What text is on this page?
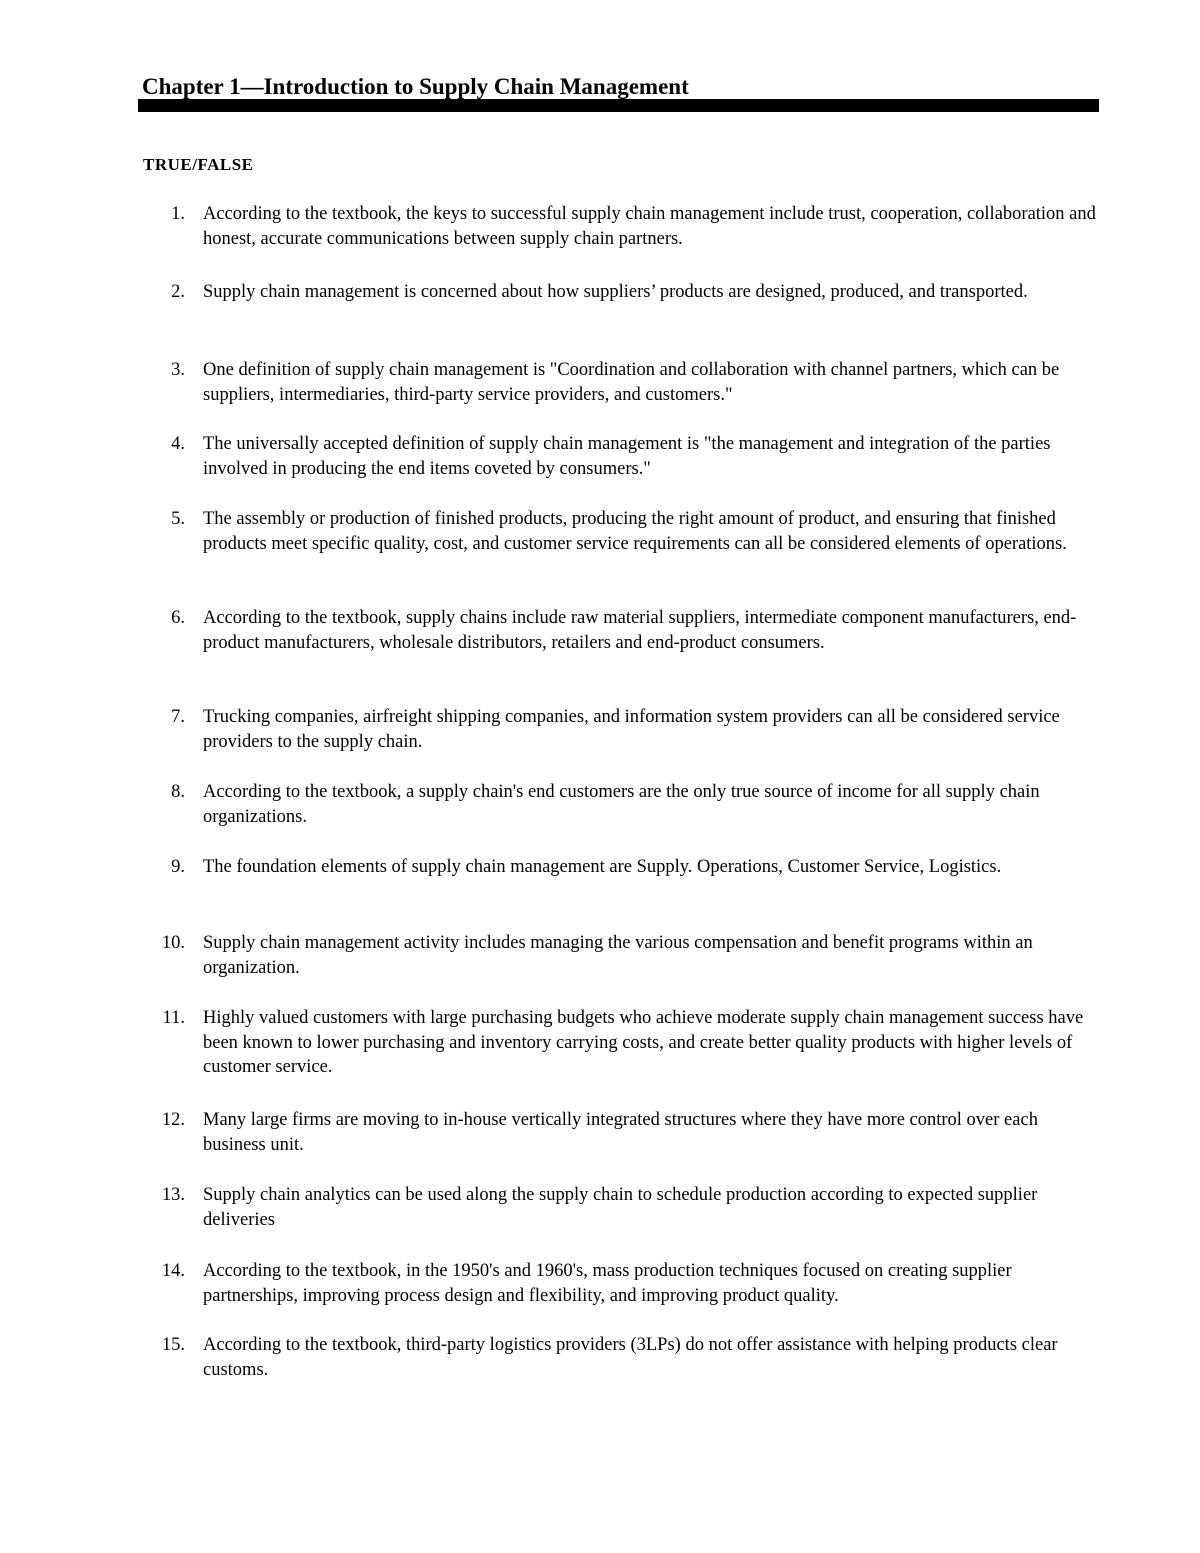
Chapter 1—Introduction to Supply Chain Management
TRUE/FALSE
1. According to the textbook, the keys to successful supply chain management include trust, cooperation, collaboration and honest, accurate communications between supply chain partners.
2. Supply chain management is concerned about how suppliers’ products are designed, produced, and transported.
3. One definition of supply chain management is "Coordination and collaboration with channel partners, which can be suppliers, intermediaries, third-party service providers, and customers."
4. The universally accepted definition of supply chain management is "the management and integration of the parties involved in producing the end items coveted by consumers."
5. The assembly or production of finished products, producing the right amount of product, and ensuring that finished products meet specific quality, cost, and customer service requirements can all be considered elements of operations.
6. According to the textbook, supply chains include raw material suppliers, intermediate component manufacturers, end-product manufacturers, wholesale distributors, retailers and end-product consumers.
7. Trucking companies, airfreight shipping companies, and information system providers can all be considered service providers to the supply chain.
8. According to the textbook, a supply chain's end customers are the only true source of income for all supply chain organizations.
9. The foundation elements of supply chain management are Supply. Operations, Customer Service, Logistics.
10. Supply chain management activity includes managing the various compensation and benefit programs within an organization.
11. Highly valued customers with large purchasing budgets who achieve moderate supply chain management success have been known to lower purchasing and inventory carrying costs, and create better quality products with higher levels of customer service.
12. Many large firms are moving to in-house vertically integrated structures where they have more control over each business unit.
13. Supply chain analytics can be used along the supply chain to schedule production according to expected supplier deliveries
14. According to the textbook, in the 1950's and 1960's, mass production techniques focused on creating supplier partnerships, improving process design and flexibility, and improving product quality.
15. According to the textbook, third-party logistics providers (3LPs) do not offer assistance with helping products clear customs.
